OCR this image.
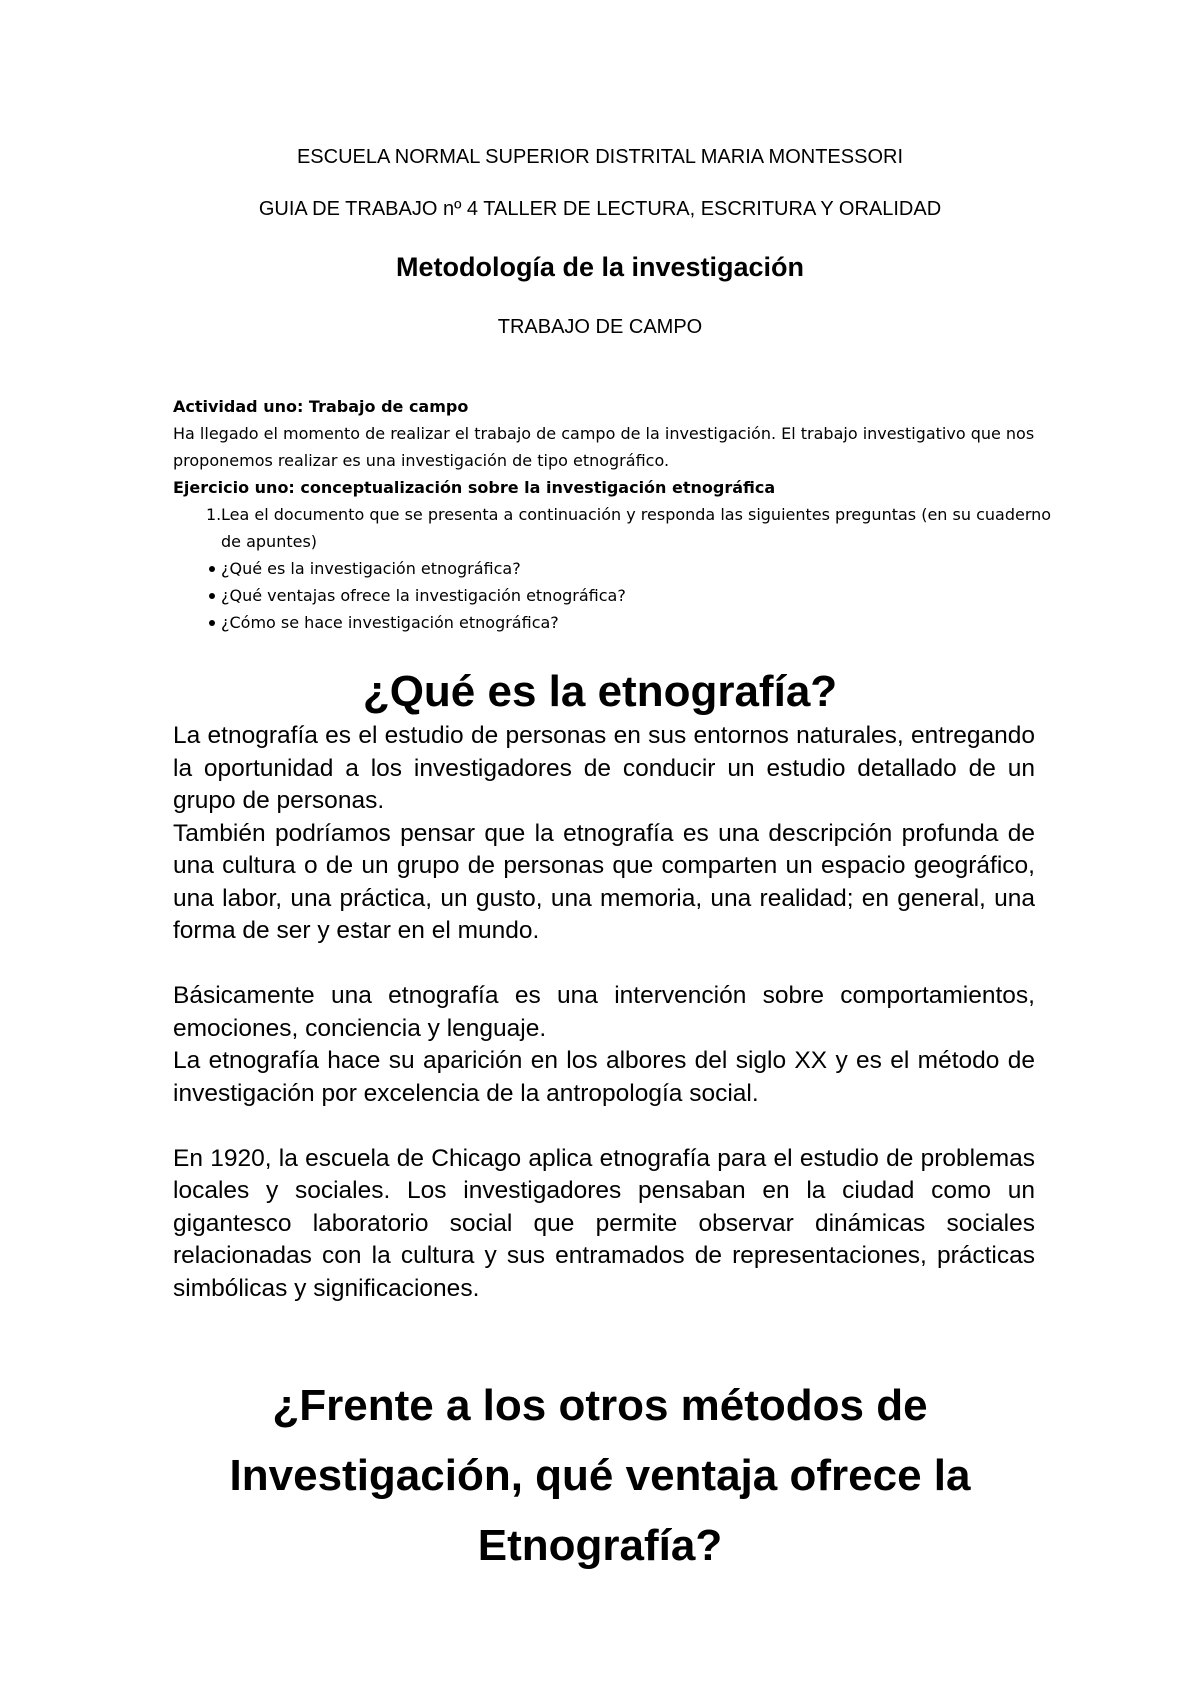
ESCUELA NORMAL SUPERIOR DISTRITAL MARIA MONTESSORI
GUIA DE TRABAJO nº 4 TALLER DE LECTURA, ESCRITURA Y ORALIDAD
Metodología de la investigación
TRABAJO DE CAMPO

Actividad uno: Trabajo de campo

Ha llegado el momento de realizar el trabajo de campo de la investigación. El trabajo investigativo que nos proponemos realizar es una investigación de tipo etnográfico.

Ejercicio uno: conceptualización sobre la investigación etnográfica

1. Lea el documento que se presenta a continuación y responda las siguientes preguntas (en su cuaderno de apuntes)
¿Qué es la investigación etnográfica?
¿Qué ventajas ofrece la investigación etnográfica?
¿Cómo se hace investigación etnográfica?
¿Qué es la etnografía?

La etnografía es el estudio de personas en sus entornos naturales, entregando la oportunidad a los investigadores de conducir un estudio detallado de un grupo de personas.

También podríamos pensar que la etnografía es una descripción profunda de una cultura o de un grupo de personas que comparten un espacio geográfico, una labor, una práctica, un gusto, una memoria, una realidad; en general, una forma de ser y estar en el mundo.

Básicamente una etnografía es una intervención sobre comportamientos, emociones, conciencia y lenguaje.

La etnografía hace su aparición en los albores del siglo XX y es el método de investigación por excelencia de la antropología social.

En 1920, la escuela de Chicago aplica etnografía para el estudio de problemas locales y sociales. Los investigadores pensaban en la ciudad como un gigantesco laboratorio social que permite observar dinámicas sociales relacionadas con la cultura y sus entramados de representaciones, prácticas simbólicas y significaciones.

¿Frente a los otros métodos de
Investigación, qué ventaja ofrece la
Etnografía?
